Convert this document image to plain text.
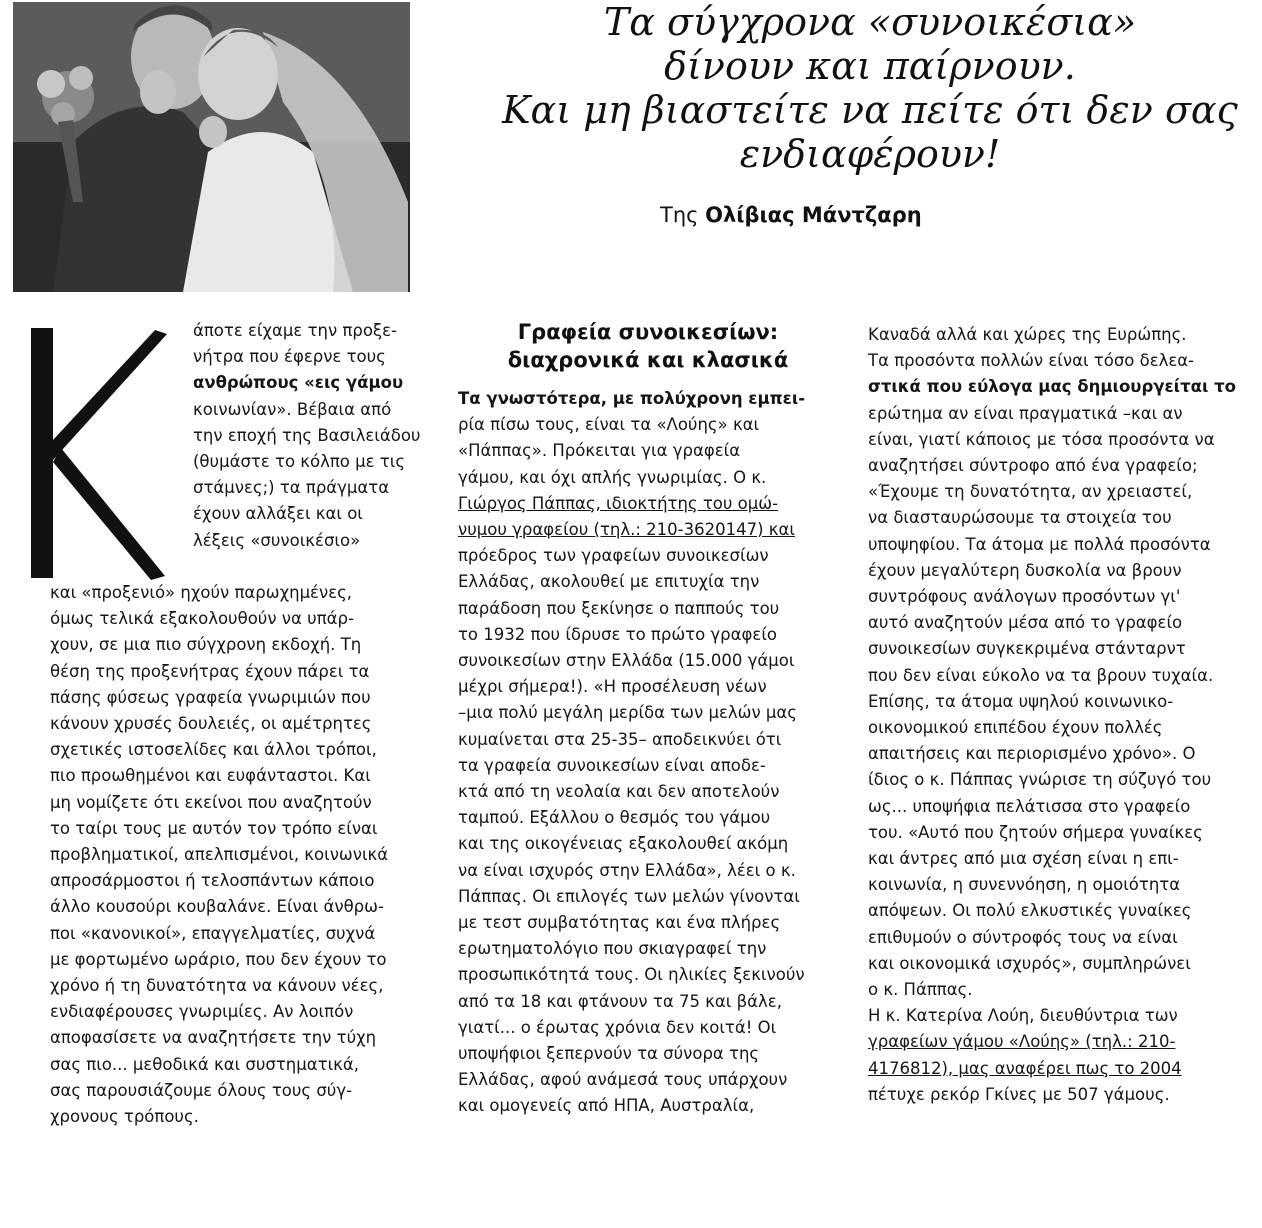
Τα σύγχρονα «συνοικέσια»
δίνουν και παίρνουν.
Και μη βιαστείτε να πείτε ότι δεν σας
ενδιαφέρουν!
Της Ολίβιας Μάντζαρη
άποτε είχαμε την προξε-
νήτρα που έφερνε τους
ανθρώπους «εις γάμου
κοινωνίαν». Βέβαια από
την εποχή της Βασιλειάδου
(θυμάστε το κόλπο με τις
στάμνες;) τα πράγματα
έχουν αλλάξει και οι
λέξεις «συνοικέσιο»
και «προξενιό» ηχούν παρωχημένες,
όμως τελικά εξακολουθούν να υπάρ-
χουν, σε μια πιο σύγχρονη εκδοχή. Τη
θέση της προξενήτρας έχουν πάρει τα
πάσης φύσεως γραφεία γνωριμιών που
κάνουν χρυσές δουλειές, οι αμέτρητες
σχετικές ιστοσελίδες και άλλοι τρόποι,
πιο προωθημένοι και ευφάνταστοι. Και
μη νομίζετε ότι εκείνοι που αναζητούν
το ταίρι τους με αυτόν τον τρόπο είναι
προβληματικοί, απελπισμένοι, κοινωνικά
απροσάρμοστοι ή τελοσπάντων κάποιο
άλλο κουσούρι κουβαλάνε. Είναι άνθρω-
ποι «κανονικοί», επαγγελματίες, συχνά
με φορτωμένο ωράριο, που δεν έχουν το
χρόνο ή τη δυνατότητα να κάνουν νέες,
ενδιαφέρουσες γνωριμίες. Αν λοιπόν
αποφασίσετε να αναζητήσετε την τύχη
σας πιο... μεθοδικά και συστηματικά,
σας παρουσιάζουμε όλους τους σύγ-
χρονους τρόπους.
Γραφεία συνοικεσίων:
διαχρονικά και κλασικά
Τα γνωστότερα, με πολύχρονη εμπει-
ρία πίσω τους, είναι τα «Λούης» και
«Πάππας». Πρόκειται για γραφεία
γάμου, και όχι απλής γνωριμίας. Ο κ.
Γιώργος Πάππας, ιδιοκτήτης του ομώ-
νυμου γραφείου (τηλ.: 210-3620147) και
πρόεδρος των γραφείων συνοικεσίων
Ελλάδας, ακολουθεί με επιτυχία την
παράδοση που ξεκίνησε ο παππούς του
το 1932 που ίδρυσε το πρώτο γραφείο
συνοικεσίων στην Ελλάδα (15.000 γάμοι
μέχρι σήμερα!). «Η προσέλευση νέων
–μια πολύ μεγάλη μερίδα των μελών μας
κυμαίνεται στα 25-35– αποδεικνύει ότι
τα γραφεία συνοικεσίων είναι αποδε-
κτά από τη νεολαία και δεν αποτελούν
ταμπού. Εξάλλου ο θεσμός του γάμου
και της οικογένειας εξακολουθεί ακόμη
να είναι ισχυρός στην Ελλάδα», λέει ο κ.
Πάππας. Οι επιλογές των μελών γίνονται
με τεστ συμβατότητας και ένα πλήρες
ερωτηματολόγιο που σκιαγραφεί την
προσωπικότητά τους. Οι ηλικίες ξεκινούν
από τα 18 και φτάνουν τα 75 και βάλε,
γιατί... ο έρωτας χρόνια δεν κοιτά! Οι
υποψήφιοι ξεπερνούν τα σύνορα της
Ελλάδας, αφού ανάμεσά τους υπάρχουν
και ομογενείς από ΗΠΑ, Αυστραλία,
Καναδά αλλά και χώρες της Ευρώπης.
Τα προσόντα πολλών είναι τόσο δελεα-
στικά που εύλογα μας δημιουργείται το
ερώτημα αν είναι πραγματικά –και αν
είναι, γιατί κάποιος με τόσα προσόντα να
αναζητήσει σύντροφο από ένα γραφείο;
«Έχουμε τη δυνατότητα, αν χρειαστεί,
να διασταυρώσουμε τα στοιχεία του
υποψηφίου. Τα άτομα με πολλά προσόντα
έχουν μεγαλύτερη δυσκολία να βρουν
συντρόφους ανάλογων προσόντων γι'
αυτό αναζητούν μέσα από το γραφείο
συνοικεσίων συγκεκριμένα στάνταρντ
που δεν είναι εύκολο να τα βρουν τυχαία.
Επίσης, τα άτομα υψηλού κοινωνικο-
οικονομικού επιπέδου έχουν πολλές
απαιτήσεις και περιορισμένο χρόνο». Ο
ίδιος ο κ. Πάππας γνώρισε τη σύζυγό του
ως... υποψήφια πελάτισσα στο γραφείο
του. «Αυτό που ζητούν σήμερα γυναίκες
και άντρες από μια σχέση είναι η επι-
κοινωνία, η συνεννόηση, η ομοιότητα
απόψεων. Οι πολύ ελκυστικές γυναίκες
επιθυμούν ο σύντροφός τους να είναι
και οικονομικά ισχυρός», συμπληρώνει
ο κ. Πάππας.
Η κ. Κατερίνα Λούη, διευθύντρια των
γραφείων γάμου «Λούης» (τηλ.: 210-
4176812), μας αναφέρει πως το 2004
πέτυχε ρεκόρ Γκίνες με 507 γάμους.
